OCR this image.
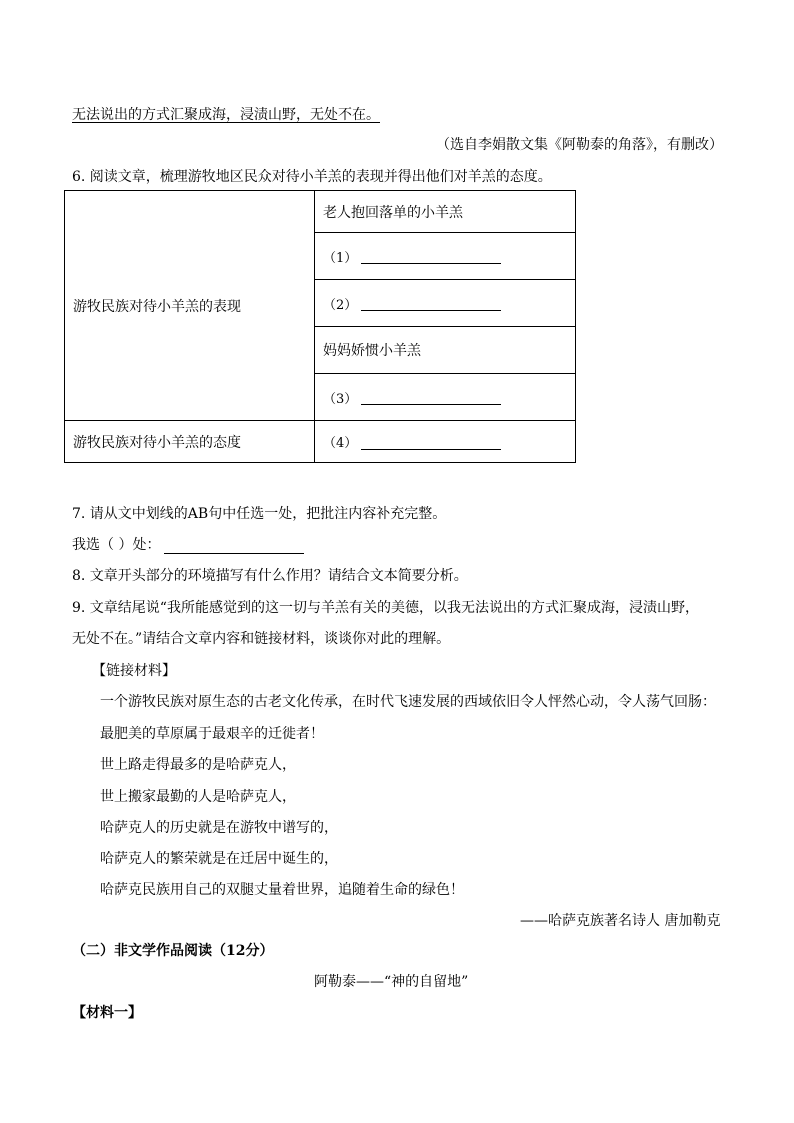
无法说出的方式汇聚成海，浸渍山野，无处不在。
（选自李娟散文集《阿勒泰的角落》，有删改）
6. 阅读文章，梳理游牧地区民众对待小羊羔的表现并得出他们对羊羔的态度。
游牧民族对待小羊羔的表现	老人抱回落单的小羊羔
	（1）
	（2）
	妈妈娇惯小羊羔
	（3）
游牧民族对待小羊羔的态度	（4）
7. 请从文中划线的AB句中任选一处，把批注内容补充完整。
我选（ ）处：
8. 文章开头部分的环境描写有什么作用？请结合文本简要分析。
9. 文章结尾说“我所能感觉到的这一切与羊羔有关的美德，以我无法说出的方式汇聚成海，浸渍山野，
无处不在。”请结合文章内容和链接材料，谈谈你对此的理解。
【链接材料】
一个游牧民族对原生态的古老文化传承，在时代飞速发展的西域依旧令人怦然心动，令人荡气回肠：
最肥美的草原属于最艰辛的迁徙者！
世上路走得最多的是哈萨克人，
世上搬家最勤的人是哈萨克人，
哈萨克人的历史就是在游牧中谱写的，
哈萨克人的繁荣就是在迁居中诞生的，
哈萨克民族用自己的双腿丈量着世界，追随着生命的绿色！
——哈萨克族著名诗人 唐加勒克
（二）非文学作品阅读（12分）
阿勒泰——“神的自留地”
【材料一】
